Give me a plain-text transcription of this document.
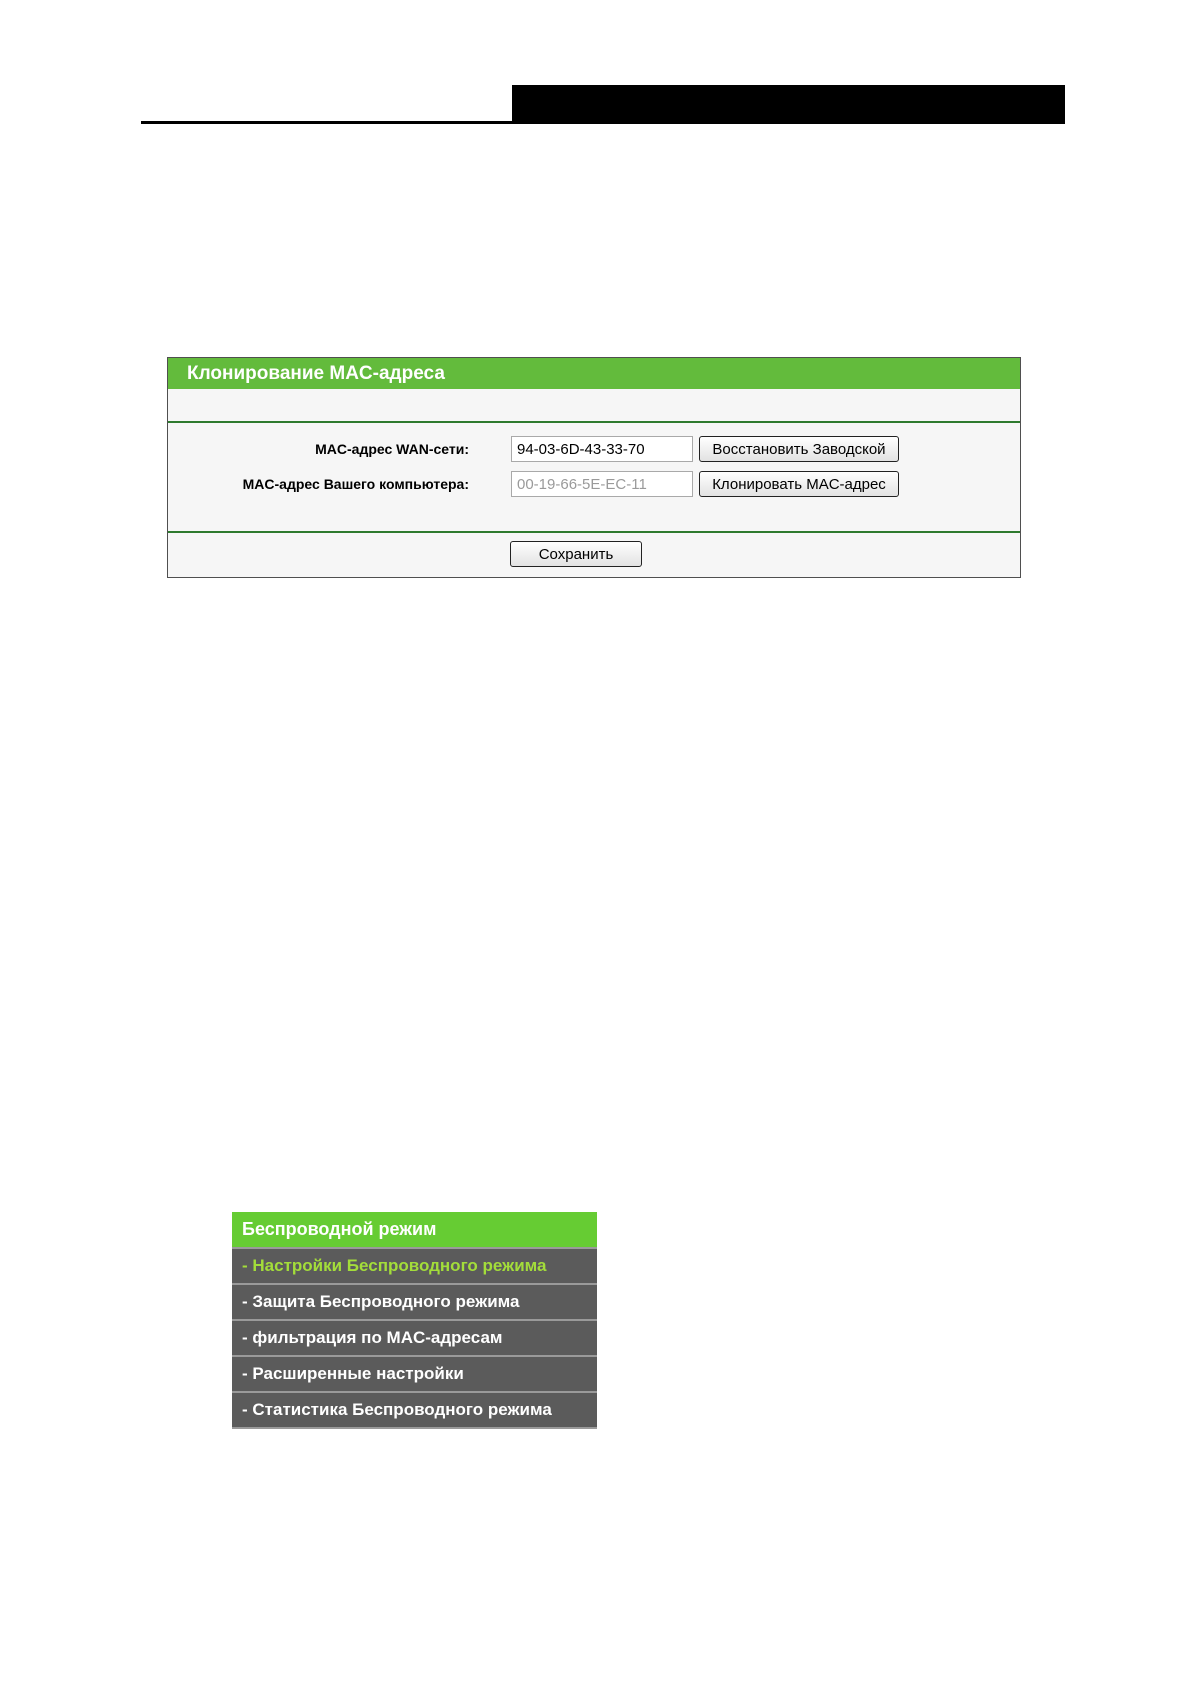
Клонирование MAC-адреса
MAC-адрес WAN-сети:
94-03-6D-43-33-70	Восстановить Заводской
MAC-адрес Вашего компьютера:
00-19-66-5E-EC-11	Клонировать MAC-адрес
Сохранить
Беспроводной режим
- Настройки Беспроводного режима
- Защита Беспроводного режима
- фильтрация по MAC-адресам
- Расширенные настройки
- Статистика Беспроводного режима
